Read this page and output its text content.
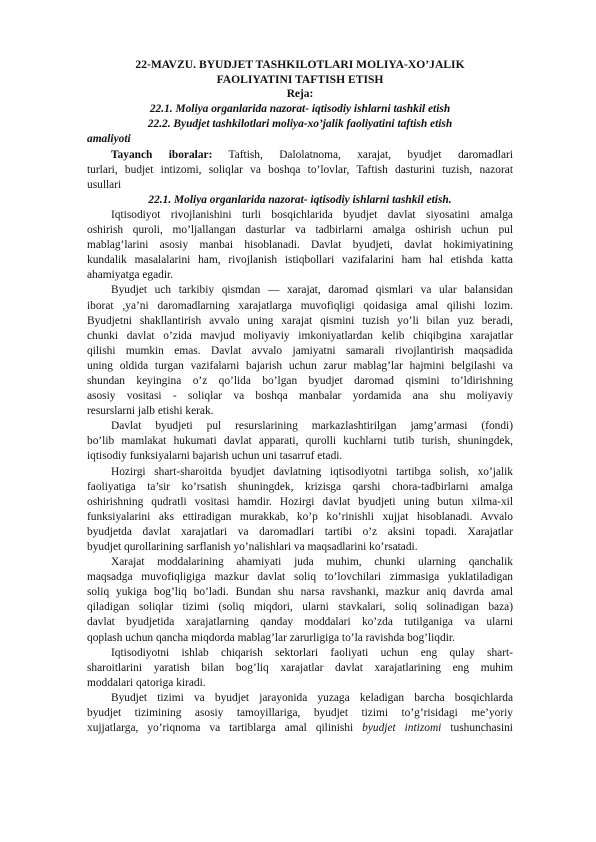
22-MAVZU. BYUDJET TASHKILOTLARI MOLIYA-XO’JALIK
FAOLIYATINI TAFTISH ETISH
Reja:
22.1. Moliya organlarida nazorat- iqtisodiy ishlarni tashkil etish
22.2. Byudjet tashkilotlari moliya-xo’jalik faoliyatini taftish etish
amaliyoti
Tayanch iboralar: Taftish, Dalolatnoma, xarajat, byudjet daromadlari
turlari, budjet intizomi, soliqlar va boshqa to’lovlar, Taftish dasturini tuzish, nazorat
usullari
22.1. Moliya organlarida nazorat- iqtisodiy ishlarni tashkil etish.
Iqtisodiyot rivojlanishini turli bosqichlarida byudjet davlat siyosatini amalga
oshirish quroli, mo’ljallangan dasturlar va tadbirlarni amalga oshirish uchun pul
mablag’larini asosiy manbai hisoblanadi. Davlat byudjeti, davlat hokimiyatining
kundalik masalalarini ham, rivojlanish istiqbollari vazifalarini ham hal etishda katta
ahamiyatga egadir.
Byudjet uch tarkibiy qismdan — xarajat, daromad qismlari va ular balansidan
iborat ,ya’ni daromadlarning xarajatlarga muvofiqligi qoidasiga amal qilishi lozim.
Byudjetni shakllantirish avvalo uning xarajat qismini tuzish yo’li bilan yuz beradi,
chunki davlat o’zida mavjud moliyaviy imkoniyatlardan kelib chiqibgina xarajatlar
qilishi mumkin emas. Davlat avvalo jamiyatni samarali rivojlantirish maqsadida
uning oldida turgan vazifalarni bajarish uchun zarur mablag’lar hajmini belgilashi va
shundan keyingina o’z qo’lida bo’lgan byudjet daromad qismini to’ldirishning
asosiy vositasi - soliqlar va boshqa manbalar yordamida ana shu moliyaviy
resurslarni jalb etishi kerak.
Davlat byudjeti pul resurslarining markazlashtirilgan jamg’armasi (fondi)
bo’lib mamlakat hukumati davlat apparati, qurolli kuchlarni tutib turish, shuningdek,
iqtisodiy funksiyalarni bajarish uchun uni tasarruf etadi.
Hozirgi shart-sharoitda byudjet davlatning iqtisodiyotni tartibga solish, xo’jalik
faoliyatiga ta’sir ko’rsatish shuningdek, krizisga qarshi chora-tadbirlarni amalga
oshirishning qudratli vositasi hamdir. Hozirgi davlat byudjeti uning butun xilma-xil
funksiyalarini aks ettiradigan murakkab, ko’p ko’rinishli xujjat hisoblanadi. Avvalo
byudjetda davlat xarajatlari va daromadlari tartibi o’z aksini topadi. Xarajatlar
byudjet qurollarining sarflanish yo’nalishlari va maqsadlarini ko’rsatadi.
Xarajat moddalarining ahamiyati juda muhim, chunki ularning qanchalik
maqsadga muvofiqligiga mazkur davlat soliq to’lovchilari zimmasiga yuklatiladigan
soliq yukiga bog’liq bo’ladi. Bundan shu narsa ravshanki, mazkur aniq davrda amal
qiladigan soliqlar tizimi (soliq miqdori, ularni stavkalari, soliq solinadigan baza)
davlat byudjetida xarajatlarning qanday moddalari ko’zda tutilganiga va ularni
qoplash uchun qancha miqdorda mablag’lar zarurligiga to’la ravishda bog’liqdir.
Iqtisodiyotni ishlab chiqarish sektorlari faoliyati uchun eng qulay shart-
sharoitlarini yaratish bilan bog’liq xarajatlar davlat xarajatlarining eng muhim
moddalari qatoriga kiradi.
Byudjet tizimi va byudjet jarayonida yuzaga keladigan barcha bosqichlarda
byudjet tizimining asosiy tamoyillariga, byudjet tizimi to’g’risidagi me’yoriy
xujjatlarga, yo’riqnoma va tartiblarga amal qilinishi byudjet intizomi tushunchasini
